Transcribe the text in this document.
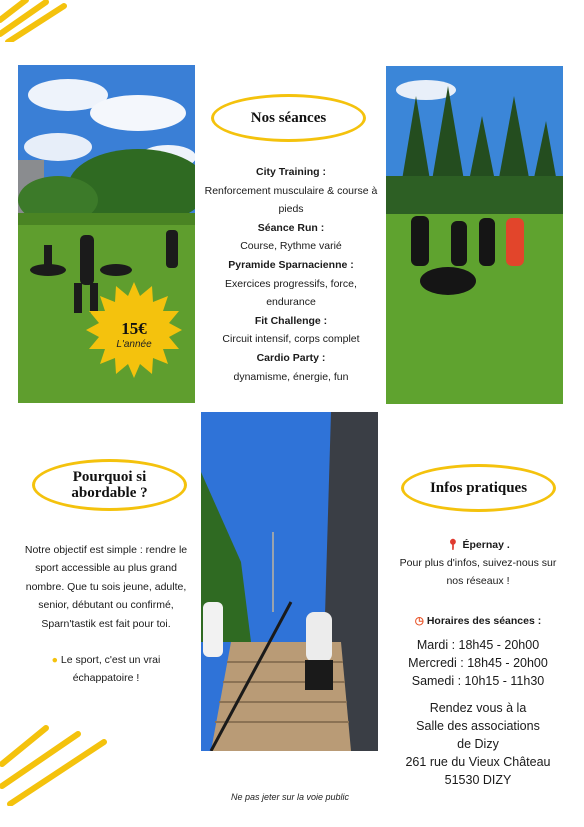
15€
L'année
Nos séances
City Training :
Renforcement musculaire & course à pieds
Séance Run :
Course, Rythme varié
Pyramide Sparnacienne :
Exercices progressifs, force, endurance
Fit Challenge :
Circuit intensif, corps complet
Cardio Party :
dynamisme, énergie, fun
Pourquoi si
abordable ?
Notre objectif est simple : rendre le sport accessible au plus grand nombre. Que tu sois jeune, adulte, senior, débutant ou confirmé, Sparn'tastik est fait pour toi.
● Le sport, c'est un vrai échappatoire !
Infos pratiques
📍︎ Épernay .
Pour plus d'infos, suivez-nous sur nos réseaux !
◷ Horaires des séances :
Mardi : 18h45 - 20h00
Mercredi : 18h45 - 20h00
Samedi : 10h15 - 11h30
Rendez vous à la
Salle des associations
de Dizy
261 rue du Vieux Château
51530 DIZY
Ne pas jeter sur la voie public
